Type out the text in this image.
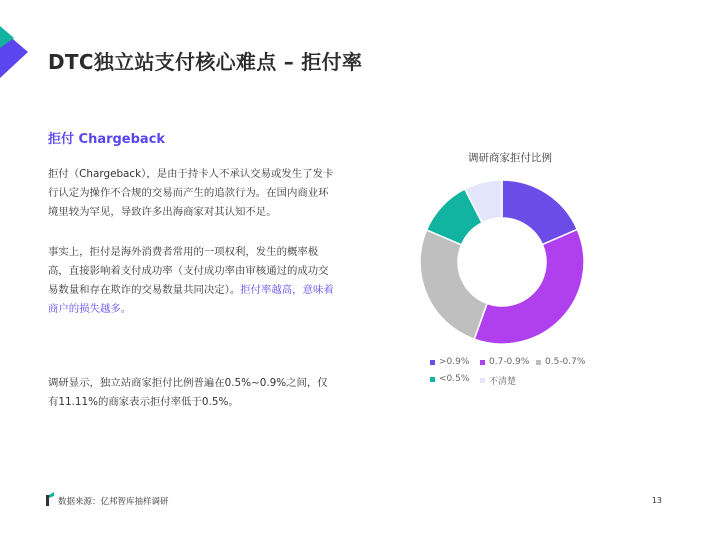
DTC独立站支付核心难点 – 拒付率
拒付 Chargeback
拒付（Chargeback），是由于持卡人不承认交易或发生了发卡行认定为操作不合规的交易而产生的追款行为。在国内商业环境里较为罕见，导致许多出海商家对其认知不足。
事实上，拒付是海外消费者常用的一项权利，发生的概率极高，直接影响着支付成功率（支付成功率由审核通过的成功交易数量和存在欺诈的交易数量共同决定）。拒付率越高，意味着商户的损失越多。
调研显示，独立站商家拒付比例普遍在0.5%~0.9%之间，仅有11.11%的商家表示拒付率低于0.5%。
调研商家拒付比例
>0.9% 0.7-0.9% 0.5-0.7%
<0.5% 不清楚
数据来源：亿邦智库抽样调研	13
